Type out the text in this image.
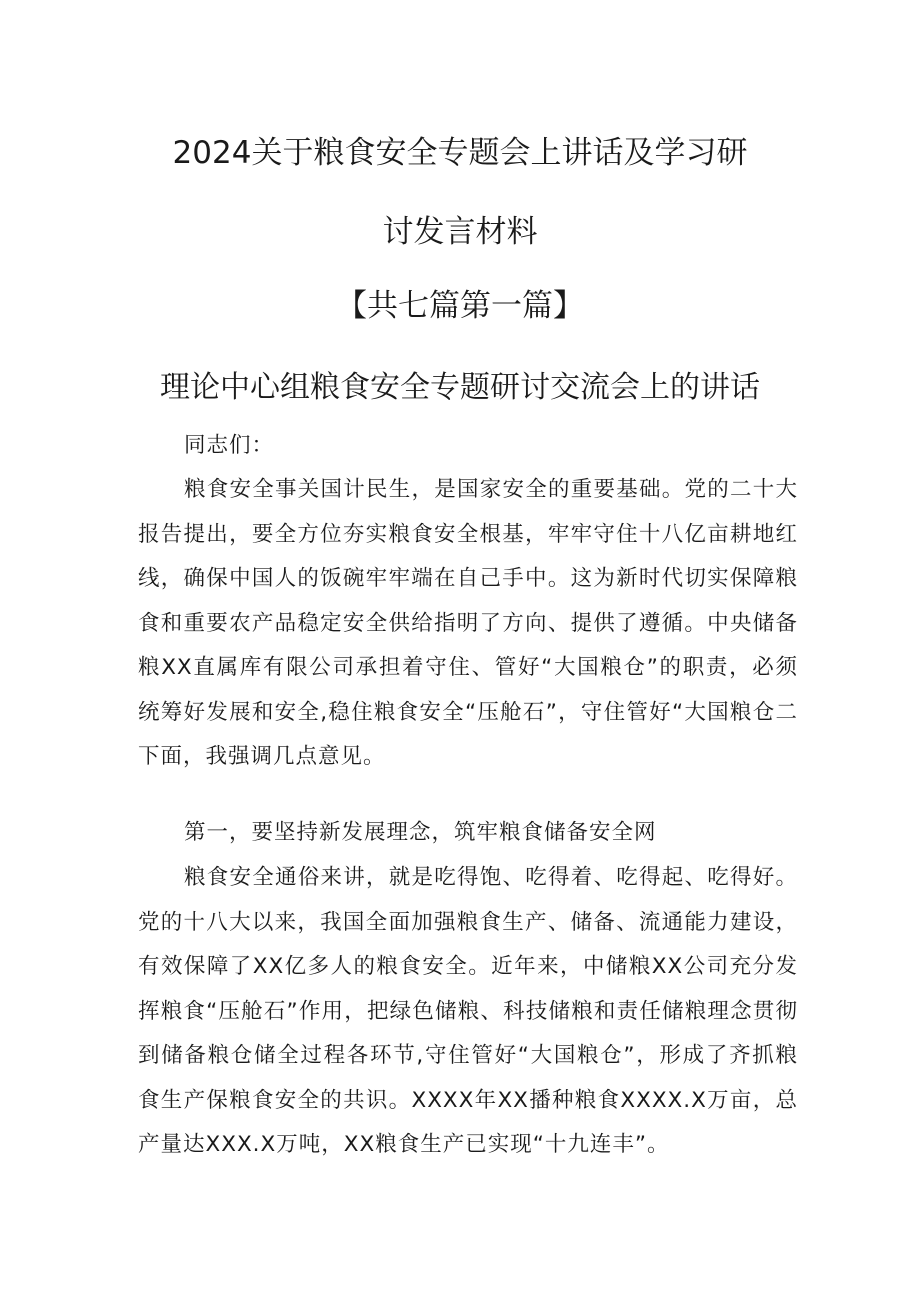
2024关于粮食安全专题会上讲话及学习研
讨发言材料
【共七篇第一篇】
理论中心组粮食安全专题研讨交流会上的讲话
同志们：
粮食安全事关国计民生，是国家安全的重要基础。党的二十大报告提出，要全方位夯实粮食安全根基，牢牢守住十八亿亩耕地红线，确保中国人的饭碗牢牢端在自己手中。这为新时代切实保障粮食和重要农产品稳定安全供给指明了方向、提供了遵循。中央储备粮XX直属库有限公司承担着守住、管好“大国粮仓”的职责，必须统筹好发展和安全,稳住粮食安全“压舱石”，守住管好“大国粮仓二下面，我强调几点意见。
第一，要坚持新发展理念，筑牢粮食储备安全网
粮食安全通俗来讲，就是吃得饱、吃得着、吃得起、吃得好。党的十八大以来，我国全面加强粮食生产、储备、流通能力建设，有效保障了XX亿多人的粮食安全。近年来，中储粮XX公司充分发挥粮食“压舱石”作用，把绿色储粮、科技储粮和责任储粮理念贯彻到储备粮仓储全过程各环节,守住管好“大国粮仓”，形成了齐抓粮食生产保粮食安全的共识。XXXX年XX播种粮食XXXX.X万亩，总产量达XXX.X万吨，XX粮食生产已实现“十九连丰”。
